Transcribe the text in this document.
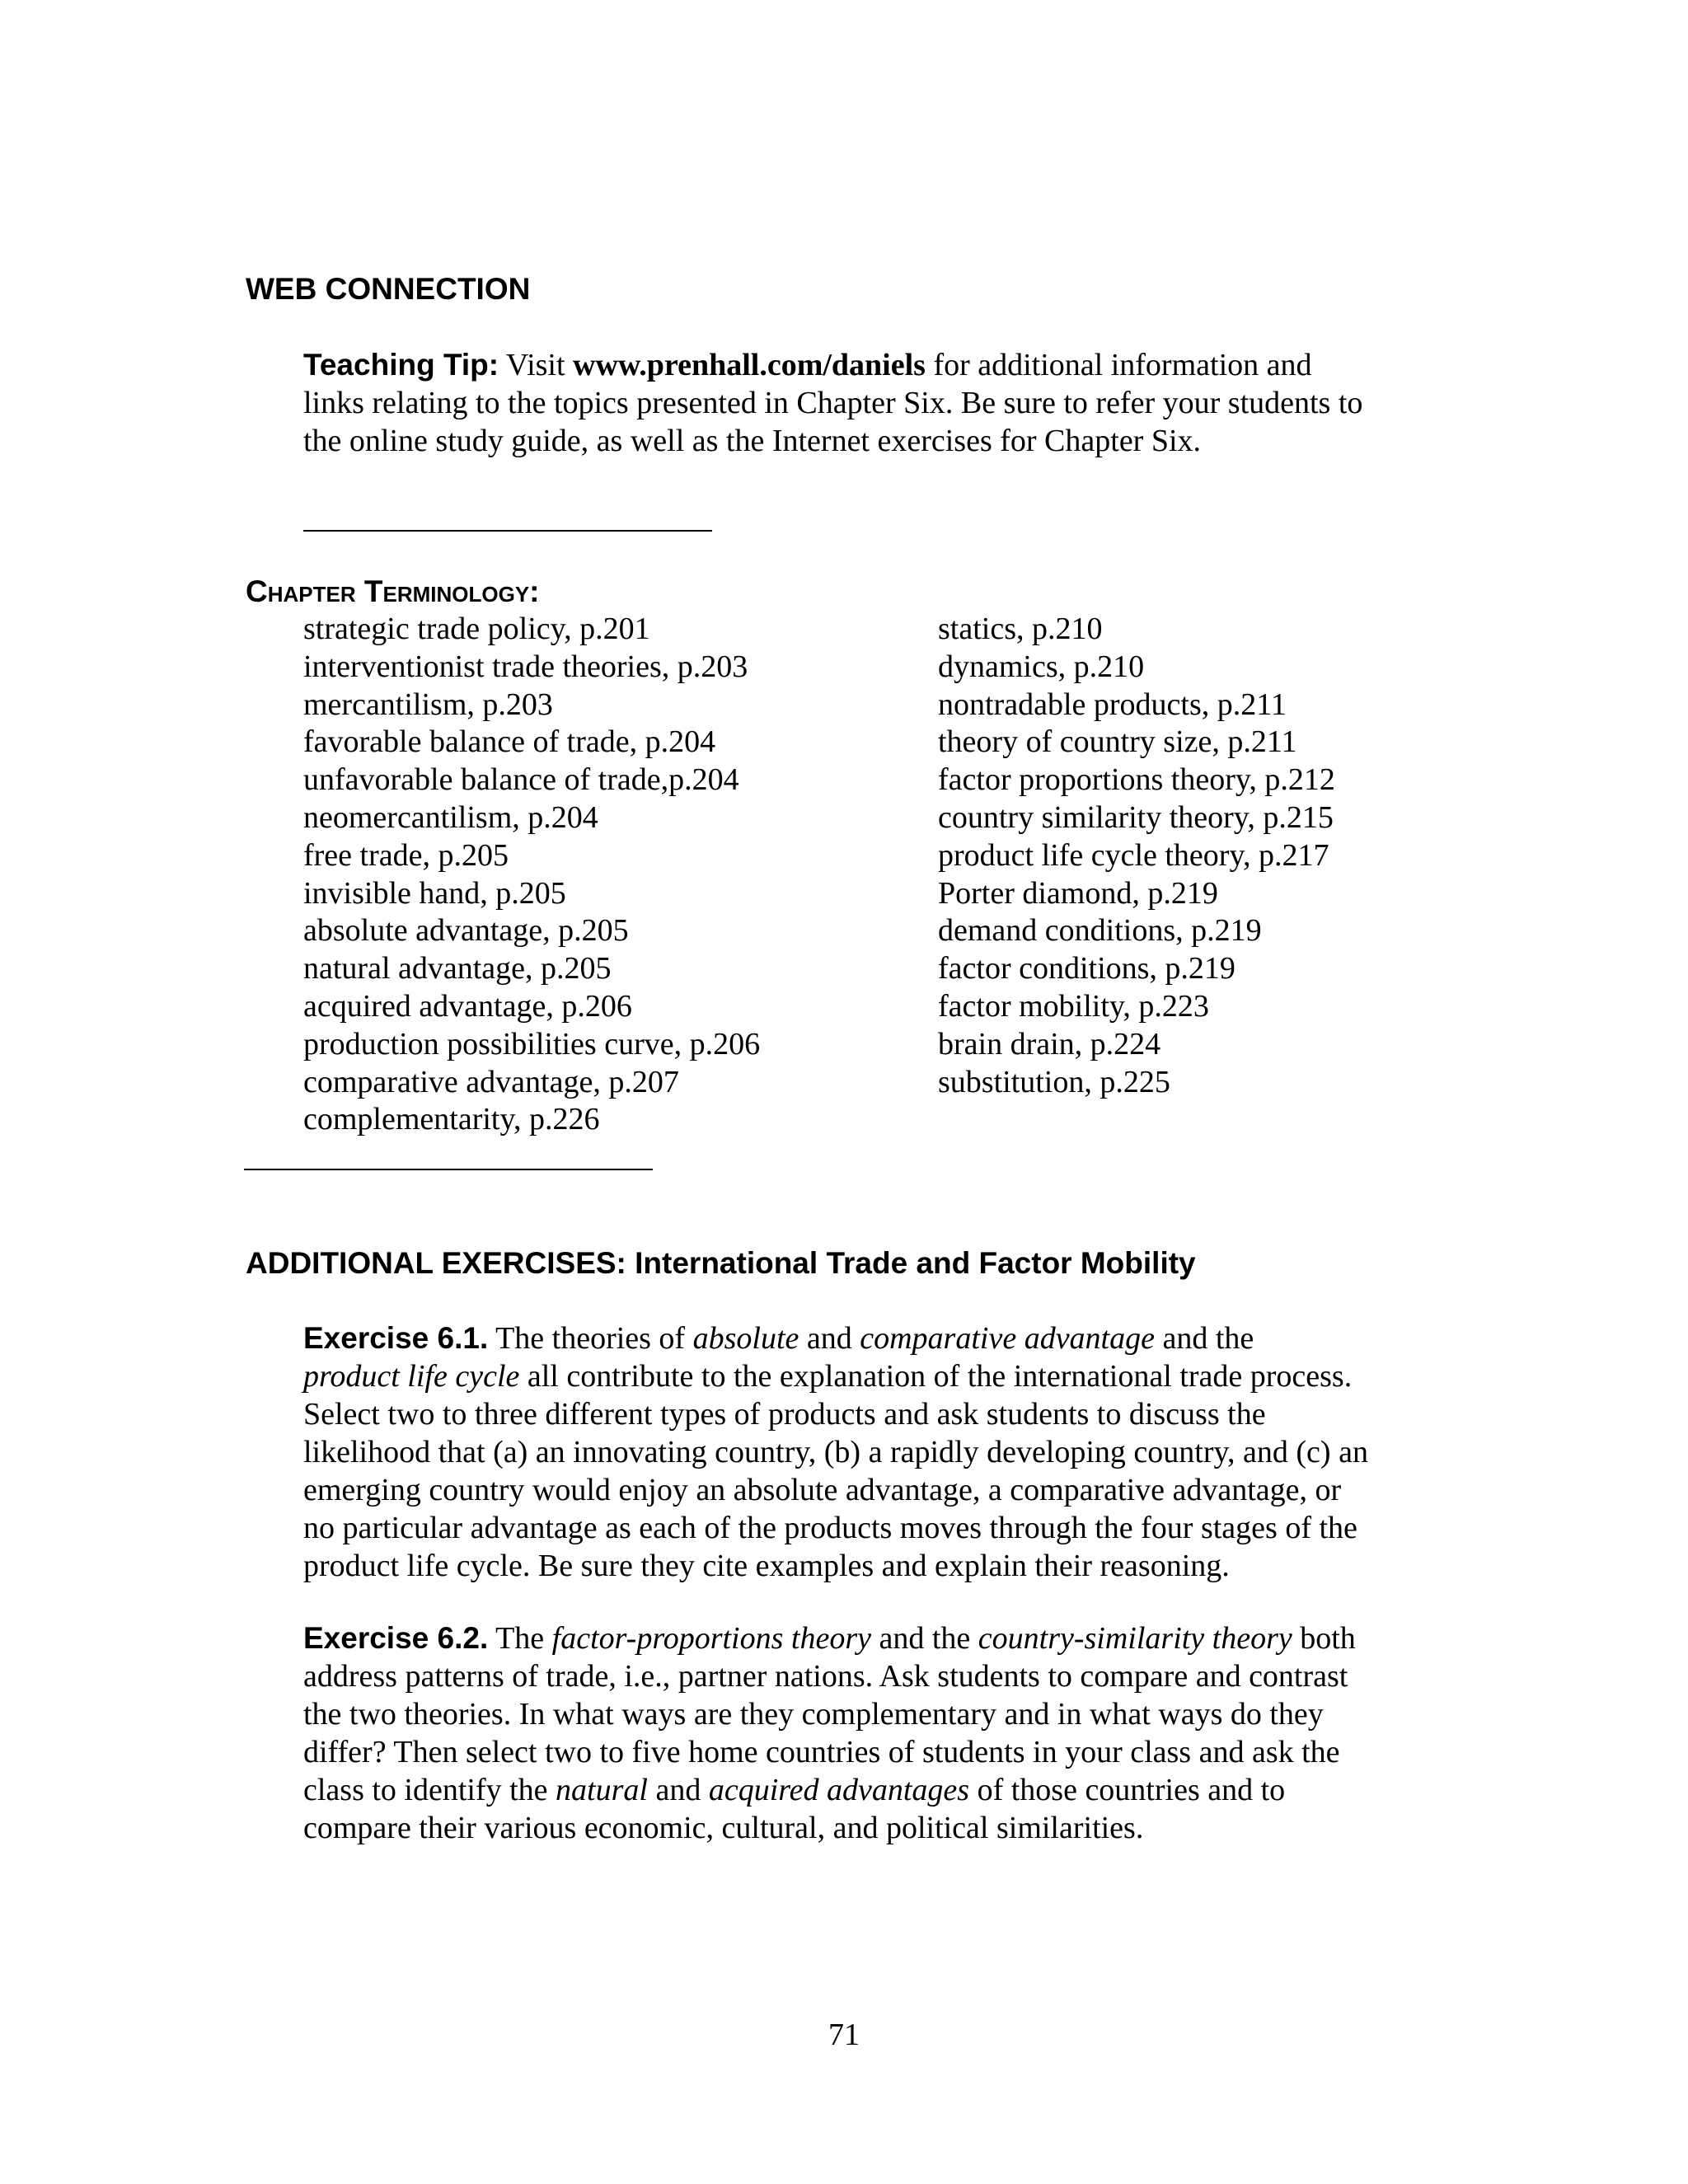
WEB CONNECTION
Teaching Tip: Visit www.prenhall.com/daniels for additional information and
links relating to the topics presented in Chapter Six. Be sure to refer your students to
the online study guide, as well as the Internet exercises for Chapter Six.
Chapter Terminology:
strategic trade policy, p.201
interventionist trade theories, p.203
mercantilism, p.203
favorable balance of trade, p.204
unfavorable balance of trade,p.204
neomercantilism, p.204
free trade, p.205
invisible hand, p.205
absolute advantage, p.205
natural advantage, p.205
acquired advantage, p.206
production possibilities curve, p.206
comparative advantage, p.207
complementarity, p.226
statics, p.210
dynamics, p.210
nontradable products, p.211
theory of country size, p.211
factor proportions theory, p.212
country similarity theory, p.215
product life cycle theory, p.217
Porter diamond, p.219
demand conditions, p.219
factor conditions, p.219
factor mobility, p.223
brain drain, p.224
substitution, p.225
ADDITIONAL EXERCISES: International Trade and Factor Mobility
Exercise 6.1. The theories of absolute and comparative advantage and the
product life cycle all contribute to the explanation of the international trade process.
Select two to three different types of products and ask students to discuss the
likelihood that (a) an innovating country, (b) a rapidly developing country, and (c) an
emerging country would enjoy an absolute advantage, a comparative advantage, or
no particular advantage as each of the products moves through the four stages of the
product life cycle. Be sure they cite examples and explain their reasoning.
Exercise 6.2. The factor-proportions theory and the country-similarity theory both
address patterns of trade, i.e., partner nations. Ask students to compare and contrast
the two theories. In what ways are they complementary and in what ways do they
differ? Then select two to five home countries of students in your class and ask the
class to identify the natural and acquired advantages of those countries and to
compare their various economic, cultural, and political similarities.
71
